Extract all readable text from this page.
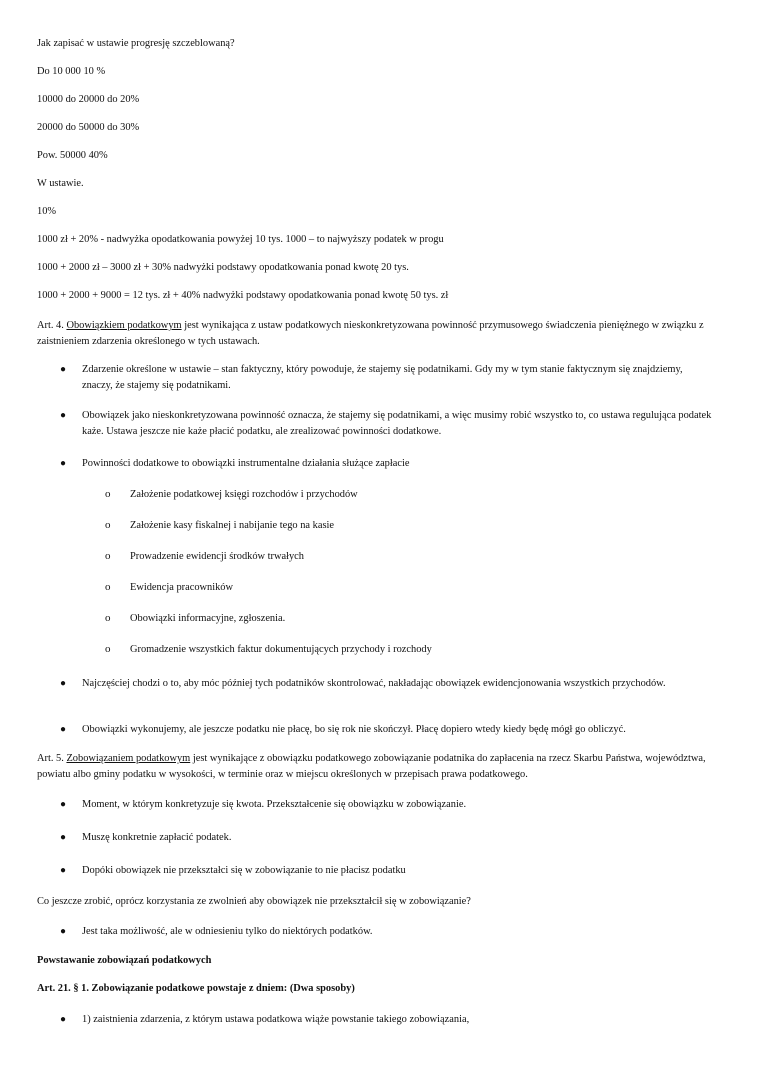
Jak zapisać w ustawie progresję szczeblowaną?
Do 10 000 10 %
10000 do 20000 do 20%
20000 do 50000 do 30%
Pow. 50000 40%
W ustawie.
10%
1000 zł + 20% - nadwyżka opodatkowania powyżej 10 tys. 1000 – to najwyższy podatek w progu
1000 + 2000 zł – 3000 zł + 30% nadwyżki podstawy opodatkowania ponad kwotę 20 tys.
1000 + 2000 + 9000 = 12 tys. zł + 40% nadwyżki podstawy opodatkowania ponad kwotę 50 tys. zł
Art. 4. Obowiązkiem podatkowym jest wynikająca z ustaw podatkowych nieskonkretyzowana powinność przymusowego świadczenia pieniężnego w związku z zaistnieniem zdarzenia określonego w tych ustawach.
● Zdarzenie określone w ustawie – stan faktyczny, który powoduje, że stajemy się podatnikami. Gdy my w tym stanie faktycznym się znajdziemy, znaczy, że stajemy się podatnikami.
● Obowiązek jako nieskonkretyzowana powinność oznacza, że stajemy się podatnikami, a więc musimy robić wszystko to, co ustawa regulująca podatek każe. Ustawa jeszcze nie każe płacić podatku, ale zrealizować powinności dodatkowe.
● Powinności dodatkowe to obowiązki instrumentalne działania służące zapłacie
o Założenie podatkowej księgi rozchodów i przychodów
o Założenie kasy fiskalnej i nabijanie tego na kasie
o Prowadzenie ewidencji środków trwałych
o Ewidencja pracowników
o Obowiązki informacyjne, zgłoszenia.
o Gromadzenie wszystkich faktur dokumentujących przychody i rozchody
● Najczęściej chodzi o to, aby móc później tych podatników skontrolować, nakładając obowiązek ewidencjonowania wszystkich przychodów.
● Obowiązki wykonujemy, ale jeszcze podatku nie płacę, bo się rok nie skończył. Płacę dopiero wtedy kiedy będę mógł go obliczyć.
Art. 5. Zobowiązaniem podatkowym jest wynikające z obowiązku podatkowego zobowiązanie podatnika do zapłacenia na rzecz Skarbu Państwa, województwa, powiatu albo gminy podatku w wysokości, w terminie oraz w miejscu określonych w przepisach prawa podatkowego.
● Moment, w którym konkretyzuje się kwota. Przekształcenie się obowiązku w zobowiązanie.
● Muszę konkretnie zapłacić podatek.
● Dopóki obowiązek nie przekształci się w zobowiązanie to nie płacisz podatku
Co jeszcze zrobić, oprócz korzystania ze zwolnień aby obowiązek nie przekształcił się w zobowiązanie?
● Jest taka możliwość, ale w odniesieniu tylko do niektórych podatków.
Powstawanie zobowiązań podatkowych
Art. 21. § 1. Zobowiązanie podatkowe powstaje z dniem: (Dwa sposoby)
● 1) zaistnienia zdarzenia, z którym ustawa podatkowa wiąże powstanie takiego zobowiązania,
